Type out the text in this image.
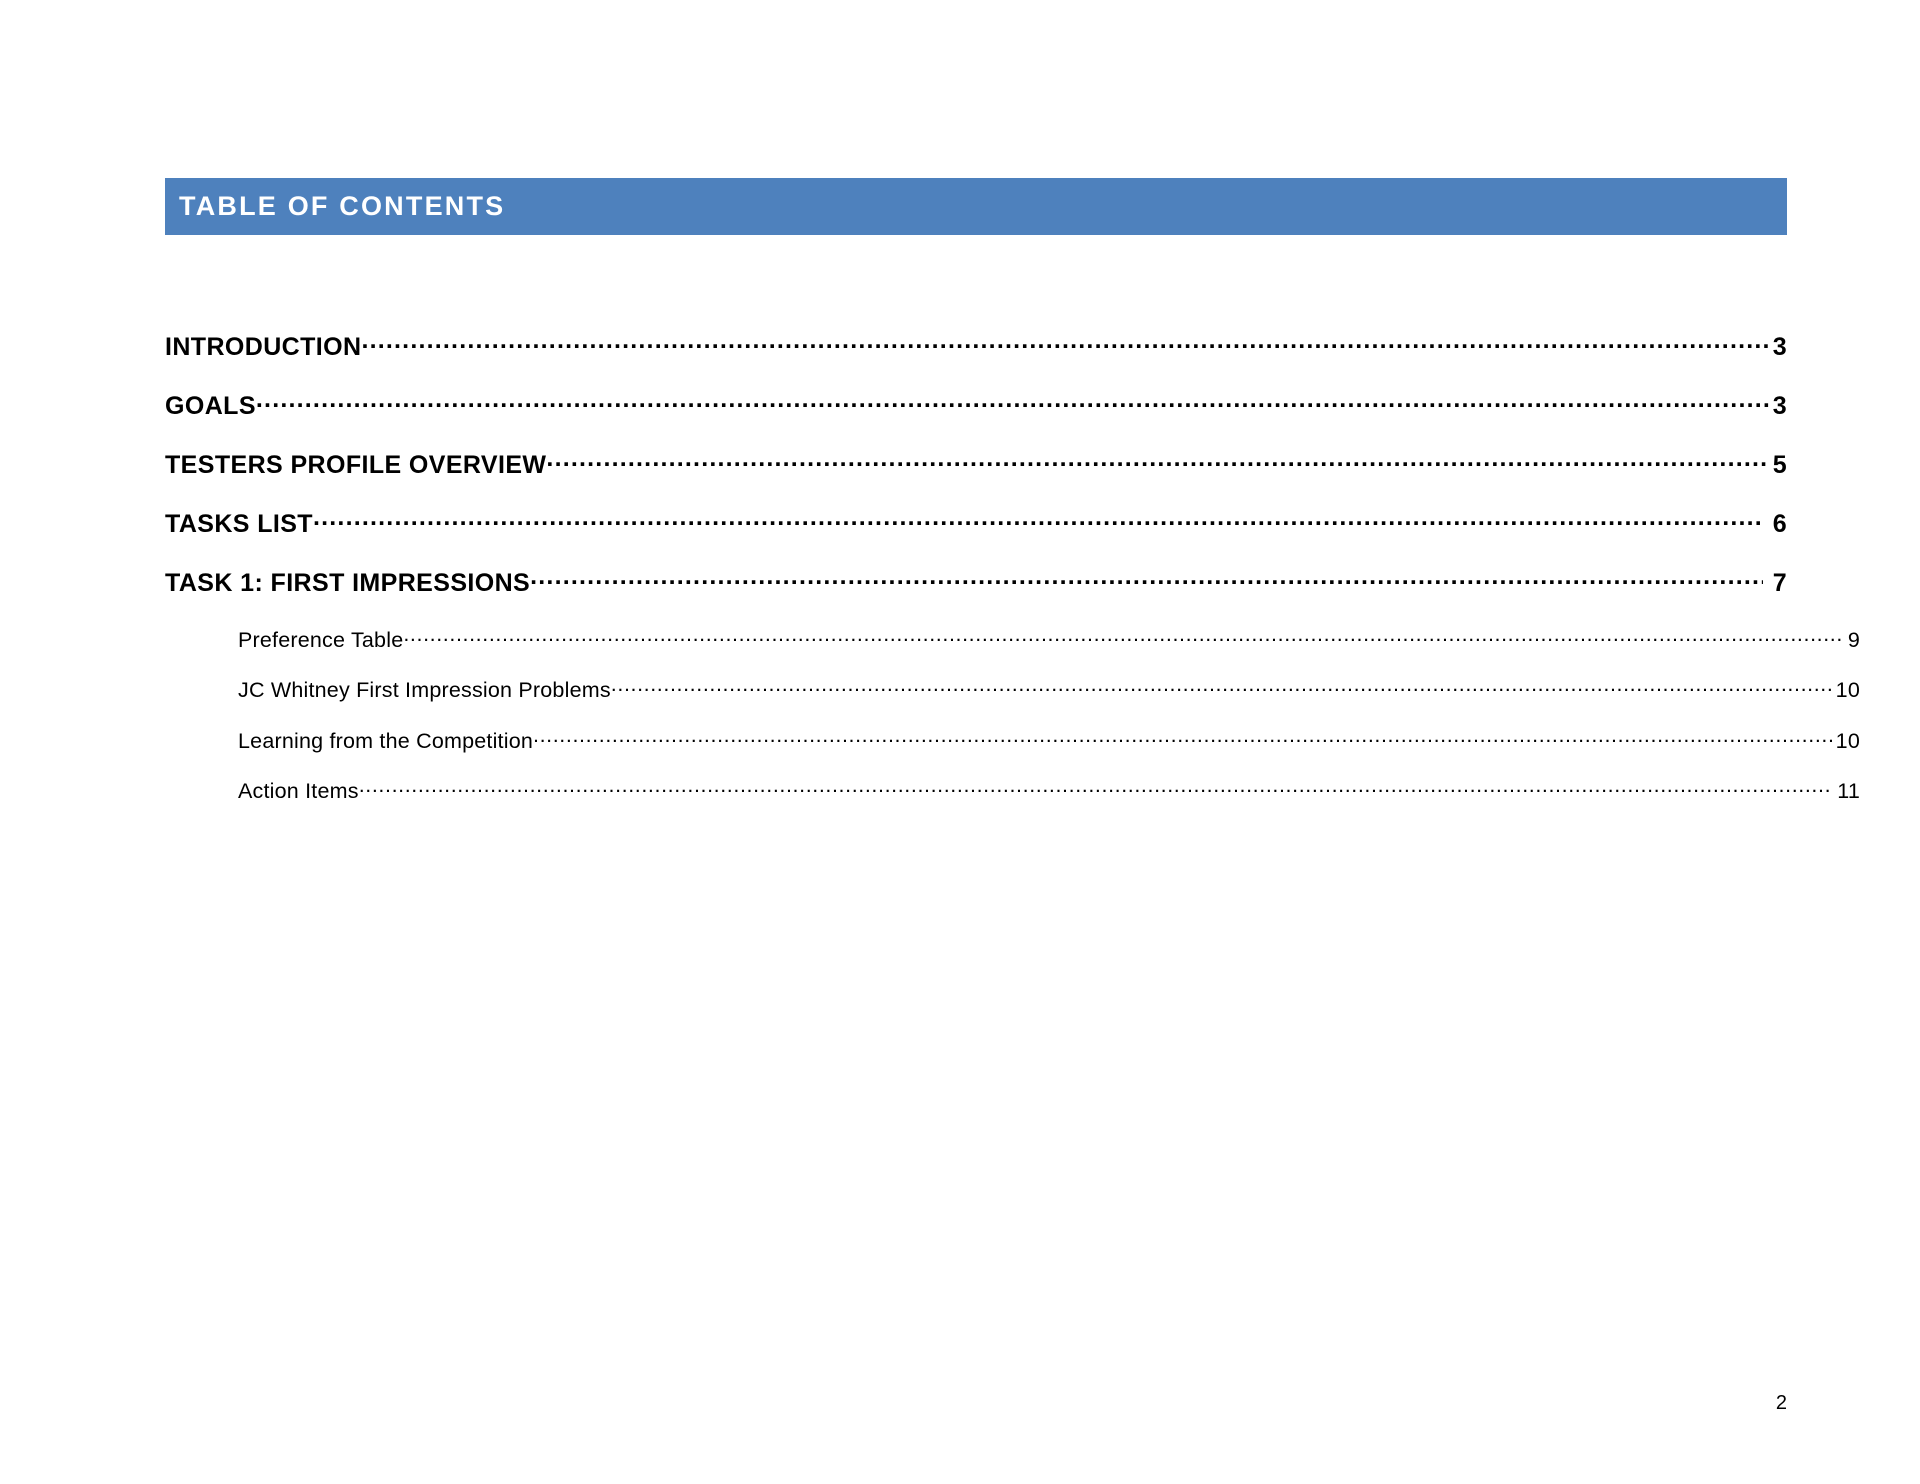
TABLE OF CONTENTS
INTRODUCTION .....	3
GOALS .....	3
TESTERS PROFILE OVERVIEW .....	5
TASKS LIST .....	6
TASK 1: FIRST IMPRESSIONS .....	7
Preference Table .....	9
JC Whitney First Impression Problems .....	10
Learning from the Competition .....	10
Action Items .....	11
2
